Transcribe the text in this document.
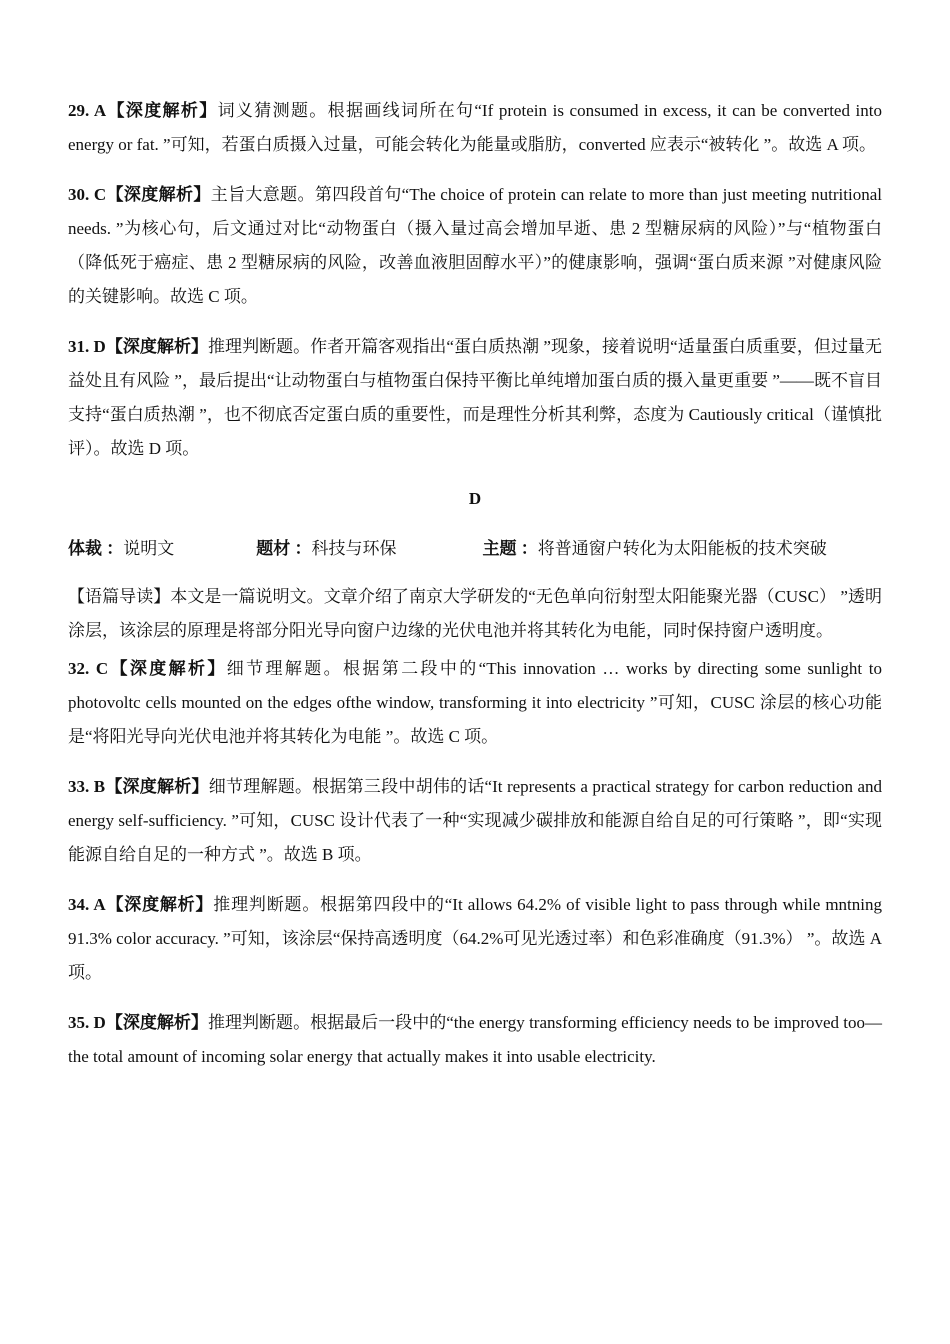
29. A【深度解析】词义猜测题。根据画线词所在句“If protein is consumed in excess, it can be converted into energy or fat. ”可知，若蛋白质摄入过量，可能会转化为能量或脂肪，converted 应表示“被转化 ”。故选 A 项。

30. C【深度解析】主旨大意题。第四段首句“The choice of protein can relate to more than just meeting nutritional needs. ”为核心句，后文通过对比“动物蛋白（摄入量过高会增加早逝、患 2 型糖尿病的风险）”与“植物蛋白（降低死于癌症、患 2 型糖尿病的风险，改善血液胆固醇水平）”的健康影响，强调“蛋白质来源 ”对健康风险的关键影响。故选 C 项。

31. D【深度解析】推理判断题。作者开篇客观指出“蛋白质热潮 ”现象，接着说明“适量蛋白质重要，但过量无益处且有风险 ”，最后提出“让动物蛋白与植物蛋白保持平衡比单纯增加蛋白质的摄入量更重要 ”——既不盲目支持“蛋白质热潮 ”，也不彻底否定蛋白质的重要性，而是理性分析其利弊，态度为 Cautiously critical（谨慎批评）。故选 D 项。

D
体裁 ：说明文	题材 ：科技与环保	主题 ：将普通窗户转化为太阳能板的技术突破

【语篇导读】本文是一篇说明文。文章介绍了南京大学研发的“无色单向衍射型太阳能聚光器（CUSC） ”透明涂层，该涂层的原理是将部分阳光导向窗户边缘的光伏电池并将其转化为电能，同时保持窗户透明度。

32. C【深度解析】细节理解题。根据第二段中的“This innovation … works by directing some sunlight to photovoltc cells mounted on the edges ofthe window, transforming it into electricity ”可知，CUSC 涂层的核心功能是“将阳光导向光伏电池并将其转化为电能 ”。故选 C 项。

33. B【深度解析】细节理解题。根据第三段中胡伟的话“It represents a practical strategy for carbon reduction and energy self-sufficiency. ”可知，CUSC 设计代表了一种“实现减少碳排放和能源自给自足的可行策略 ”，即“实现能源自给自足的一种方式 ”。故选 B 项。

34. A【深度解析】推理判断题。根据第四段中的“It allows 64.2% of visible light to pass through while mntning 91.3% color accuracy. ”可知，该涂层“保持高透明度（64.2%可见光透过率）和色彩准确度（91.3%） ”。故选 A 项。

35. D【深度解析】推理判断题。根据最后一段中的“the energy transforming efficiency needs to be improved too—the total amount of incoming solar energy that actually makes it into usable electricity.
